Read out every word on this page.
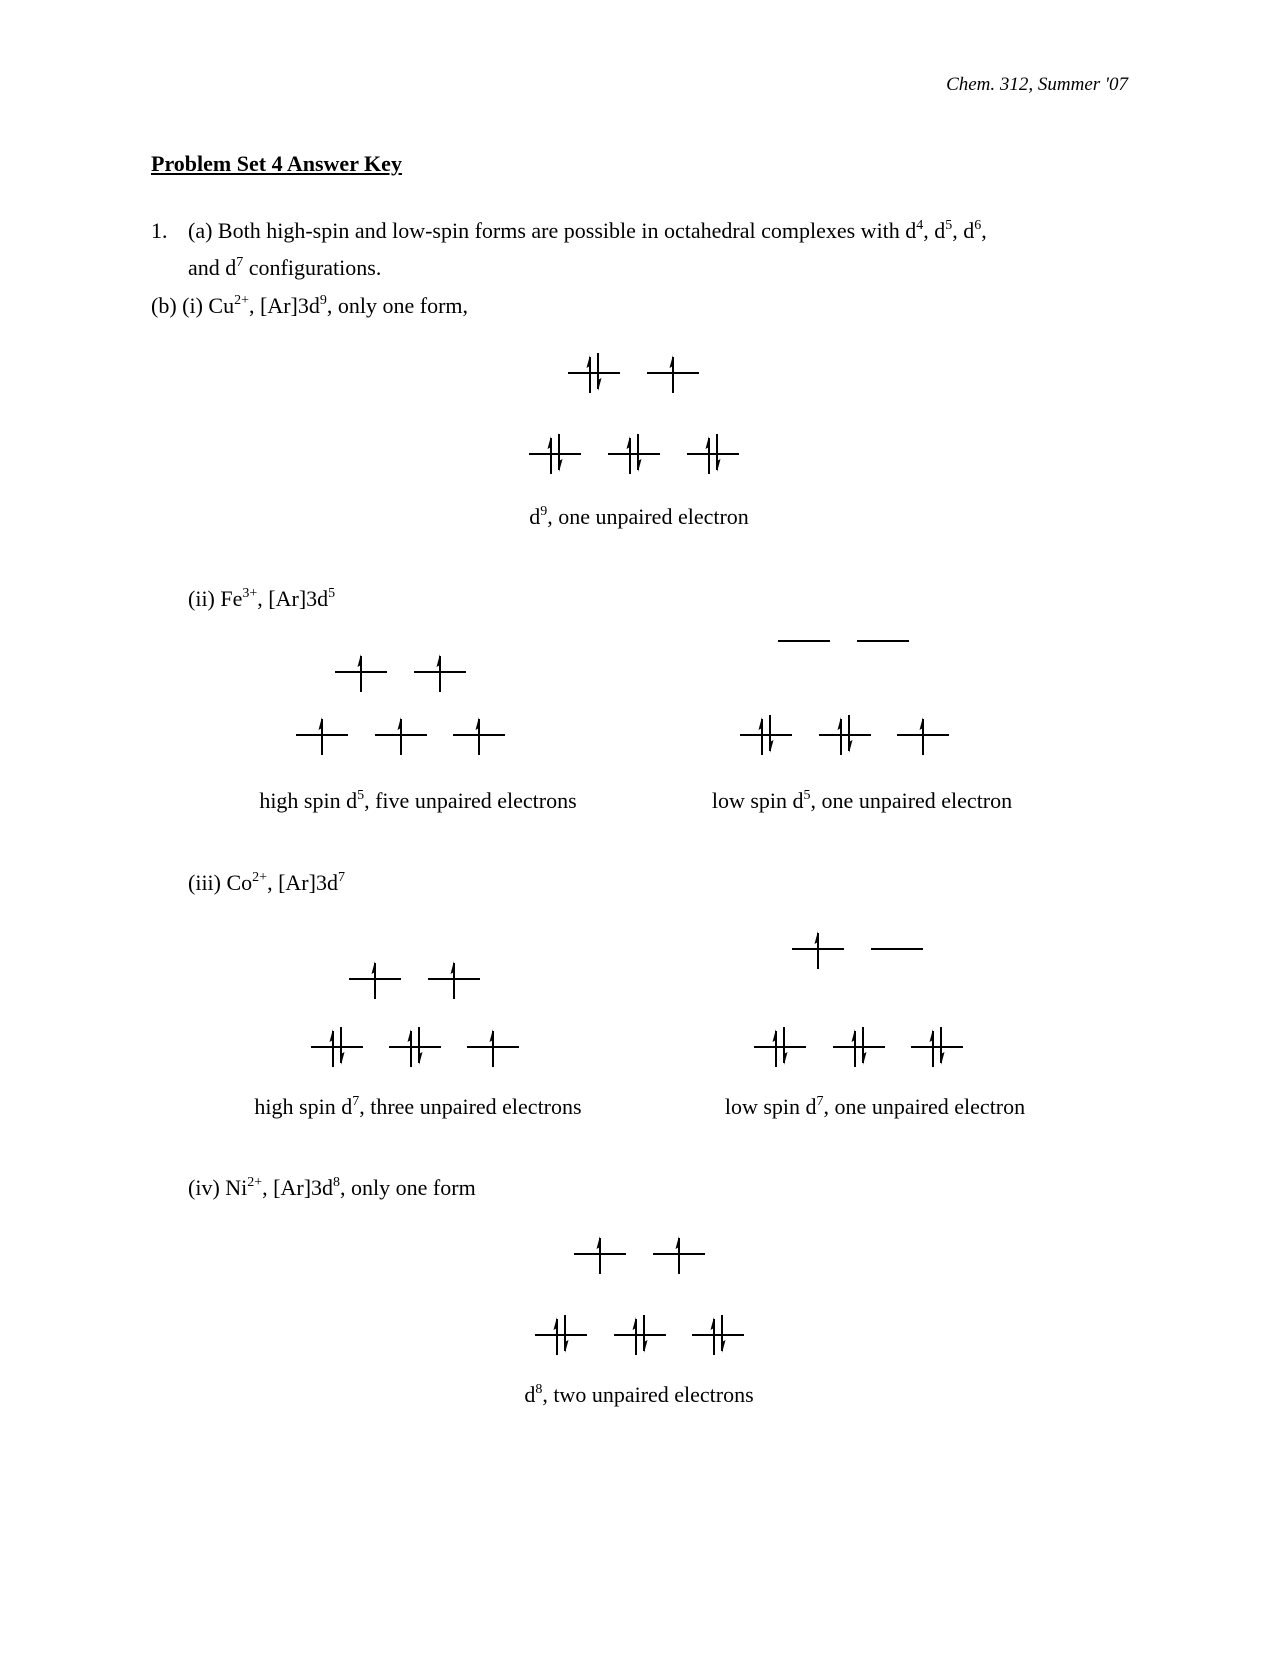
Chem. 312, Summer '07
Problem Set 4 Answer Key
1. (a) Both high-spin and low-spin forms are possible in octahedral complexes with $d^4$, $d^5$, $d^6$,
and $d^7$ configurations.
(b) (i) $Cu^{2+}$, $[Ar]3d^9$, only one form,
$d^9$, one unpaired electron
(ii) $Fe^{3+}$, $[Ar]3d^5$
high spin $d^5$, five unpaired electrons	low spin $d^5$, one unpaired electron
(iii) $Co^{2+}$, $[Ar]3d^7$
high spin $d^7$, three unpaired electrons	low spin $d^7$, one unpaired electron
(iv) $Ni^{2+}$, $[Ar]3d^8$, only one form
$d^8$, two unpaired electrons
